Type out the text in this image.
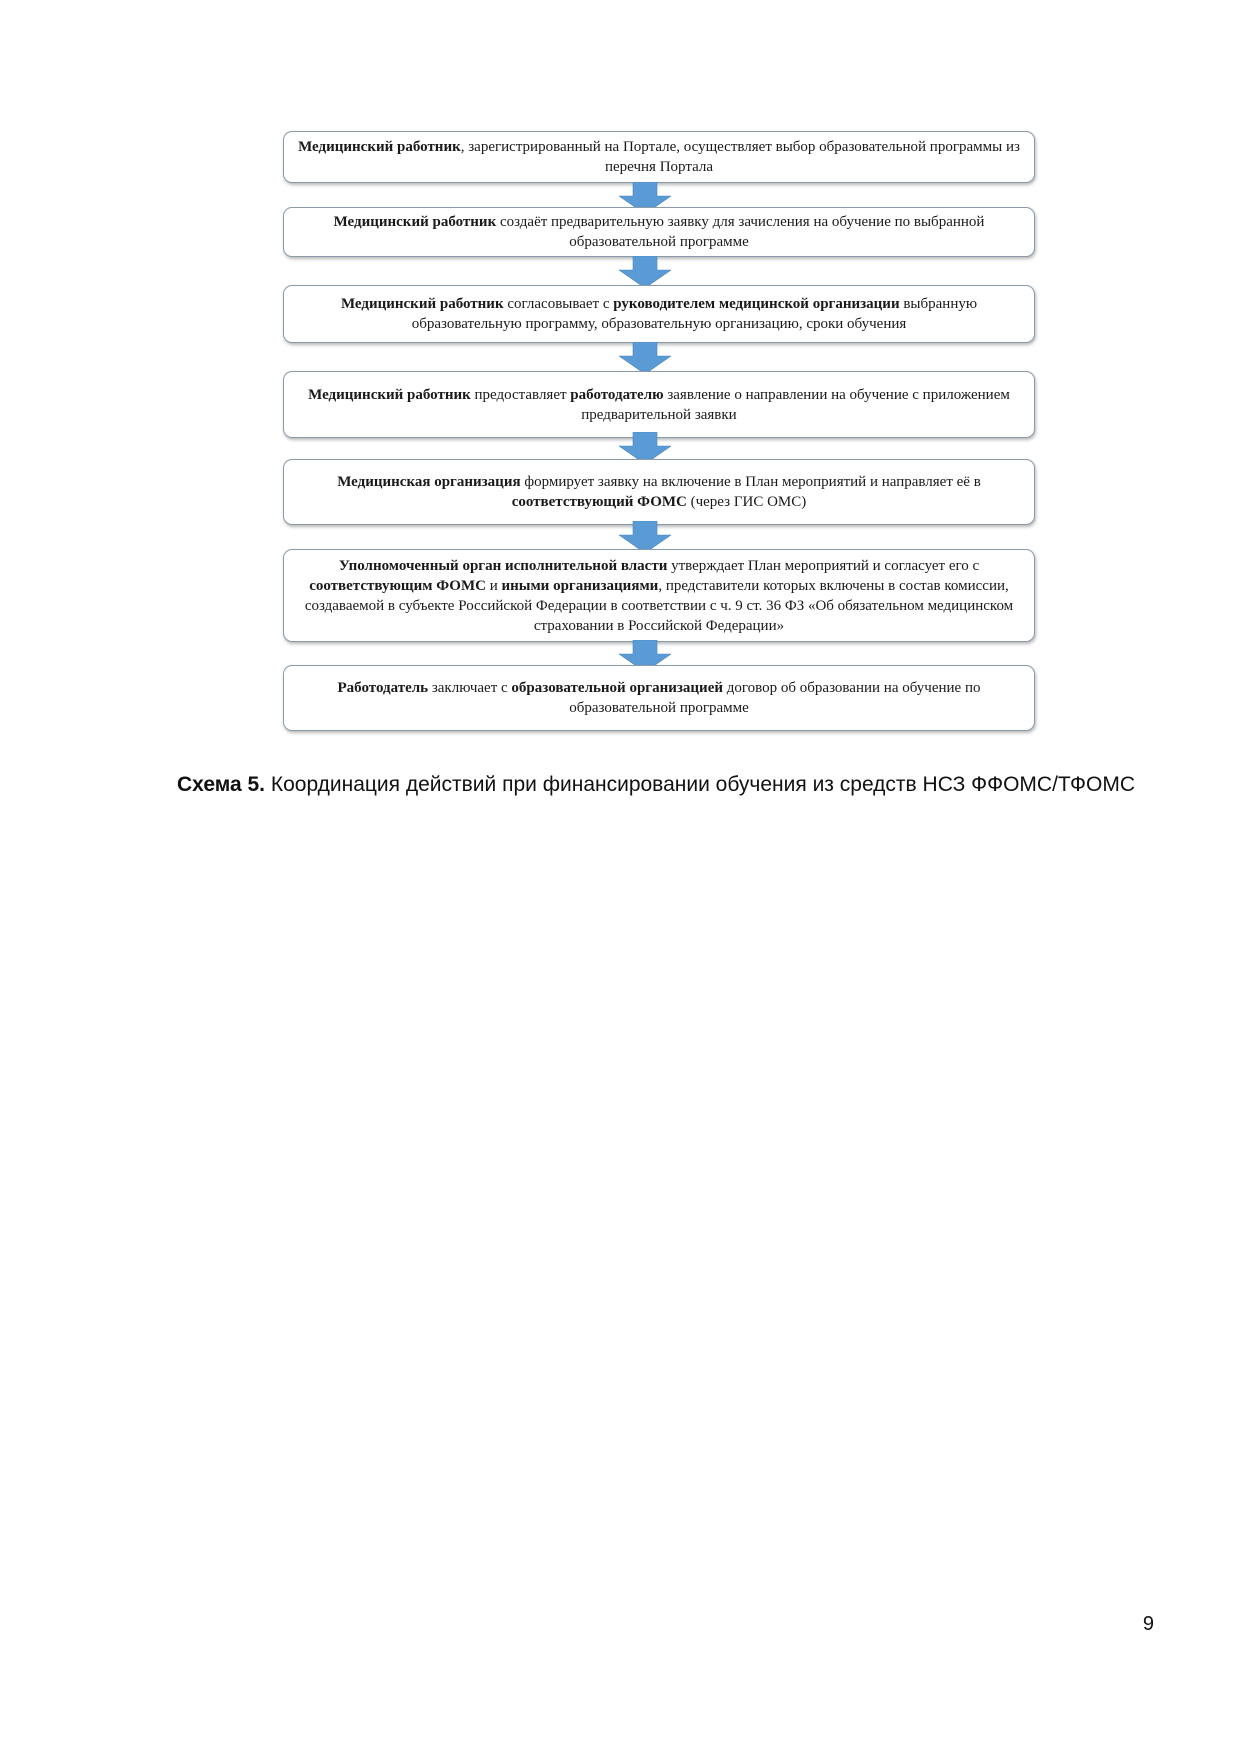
Медицинский работник, зарегистрированный на Портале, осуществляет выбор образовательной программы из перечня Портала
Медицинский работник создаёт предварительную заявку для зачисления на обучение по выбранной образовательной программе
Медицинский работник согласовывает с руководителем медицинской организации выбранную образовательную программу, образовательную организацию, сроки обучения
Медицинский работник предоставляет работодателю заявление о направлении на обучение с приложением предварительной заявки
Медицинская организация формирует заявку на включение в План мероприятий и направляет её в соответствующий ФОМС (через ГИС ОМС)
Уполномоченный орган исполнительной власти утверждает План мероприятий и согласует его с соответствующим ФОМС и иными организациями, представители которых включены в состав комиссии, создаваемой в субъекте Российской Федерации в соответствии с ч. 9 ст. 36 ФЗ «Об обязательном медицинском страховании в Российской Федерации»
Работодатель заключает с образовательной организацией договор об образовании на обучение по образовательной программе
Схема 5. Координация действий при финансировании обучения из средств НСЗ ФФОМС/ТФОМС
9
